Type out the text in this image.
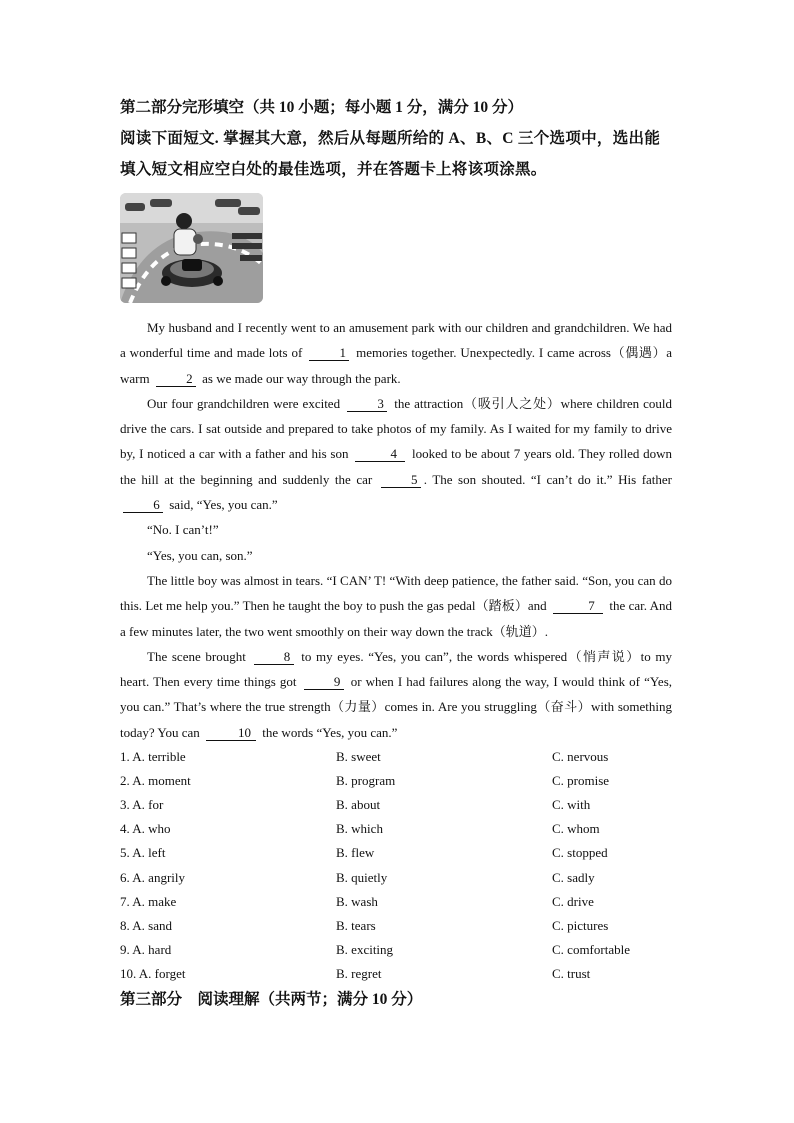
第二部分完形填空（共 10 小题；每小题 1 分，满分 10 分）

阅读下面短文. 掌握其大意，然后从每题所给的 A、B、C 三个选项中，选出能

填入短文相应空白处的最佳选项，并在答题卡上将该项涂黑。

My husband and I recently went to an amusement park with our children and grandchildren. We had a wonderful time and made lots of	1 memories together. Unexpectedly. I came across（偶遇）a warm	2 as we made our way through the park.

Our four grandchildren were excited	3 the attraction（吸引人之处）where children could drive the cars. I sat outside and prepared to take photos of my family. As I waited for my family to drive by, I noticed a car with a father and his son	4 looked to be about 7 years old. They rolled down the hill at the beginning and suddenly the car	5 . The son shouted. “I can’t do it.” His father 6 said, “Yes, you can.”

“No. I can’t!”

“Yes, you can, son.”

The little boy was almost in tears. “I CAN’ T! “With deep patience, the father said. “Son, you can do this. Let me help you.” Then he taught the boy to push the gas pedal（踏板）and	7 the car. And a few minutes later, the two went smoothly on their way down the track（轨道）.

The scene brought	8 to my eyes. “Yes, you can”, the words whispered（悄声说）to my heart. Then every time things got	9 or when I had failures along the way, I would think of “Yes, you can.” That’s where the true strength（力量）comes in. Are you struggling（奋斗）with something today? You can	10 the words “Yes, you can.”

1. A. terrible	B. sweet	C. nervous
2. A. moment	B. program	C. promise
3. A. for	B. about	C. with
4. A. who	B. which	C. whom
5. A. left	B. flew	C. stopped
6. A. angrily	B. quietly	C. sadly
7. A. make	B. wash	C. drive
8. A. sand	B. tears	C. pictures
9. A. hard	B. exciting	C. comfortable
10. A. forget	B. regret	C. trust

第三部分　阅读理解（共两节；满分 10 分）
